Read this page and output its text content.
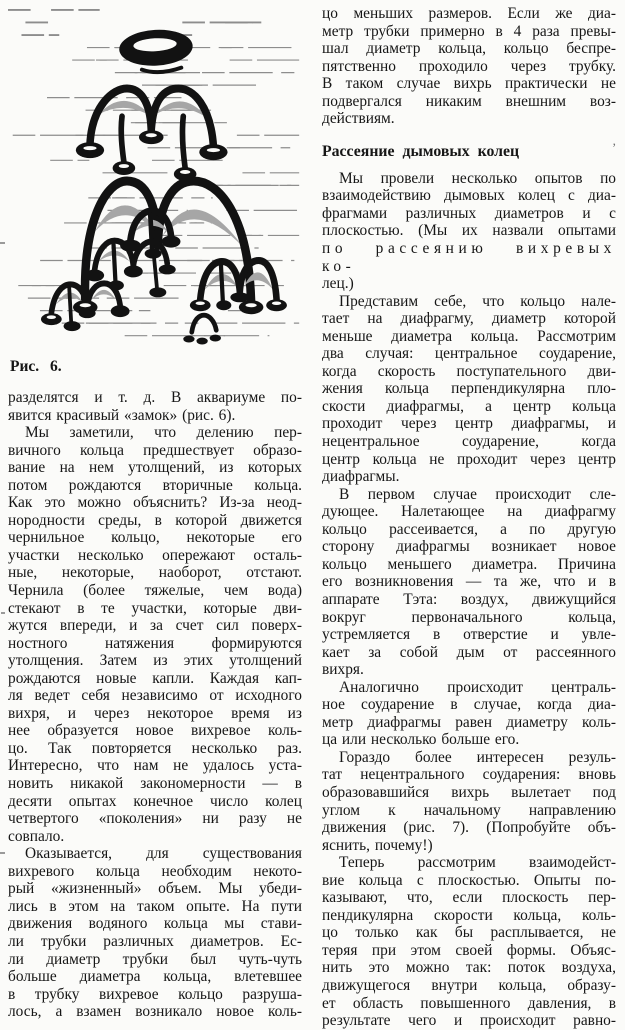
Рис. 6.
разделятся и т. д. В аквариуме по-
явится красивый «замок» (рис. 6).
Мы заметили, что делению пер-
вичного кольца предшествует образо-
вание на нем утолщений, из которых
потом рождаются вторичные кольца.
Как это можно объяснить? Из-за неод-
нородности среды, в которой движется
чернильное кольцо, некоторые его
участки несколько опережают осталь-
ные, некоторые, наоборот, отстают.
Чернила (более тяжелые, чем вода)
стекают в те участки, которые дви-
жутся впереди, и за счет сил поверх-
ностного натяжения формируются
утолщения. Затем из этих утолщений
рождаются новые капли. Каждая кап-
ля ведет себя независимо от исходного
вихря, и через некоторое время из
нее образуется новое вихревое коль-
цо. Так повторяется несколько раз.
Интересно, что нам не удалось уста-
новить никакой закономерности — в
десяти опытах конечное число колец
четвертого «поколения» ни разу не
совпало.
Оказывается, для существования
вихревого кольца необходим некото-
рый «жизненный» объем. Мы убеди-
лись в этом на таком опыте. На пути
движения водяного кольца мы стави-
ли трубки различных диаметров. Ес-
ли диаметр трубки был чуть-чуть
больше диаметра кольца, влетевшее
в трубку вихревое кольцо разруша-
лось, а взамен возникало новое коль-
цо меньших размеров. Если же диа-
метр трубки примерно в 4 раза превы-
шал диаметр кольца, кольцо беспре-
пятственно проходило через трубку.
В таком случае вихрь практически не
подвергался никаким внешним воз-
действиям.
Рассеяние дымовых колец
Мы провели несколько опытов по
взаимодействию дымовых колец с диа-
фрагмами различных диаметров и с
плоскостью. (Мы их назвали опытами
по рассеянию вихревых ко-
лец.)
Представим себе, что кольцо нале-
тает на диафрагму, диаметр которой
меньше диаметра кольца. Рассмотрим
два случая: центральное соударение,
когда скорость поступательного дви-
жения кольца перпендикулярна пло-
скости диафрагмы, а центр кольца
проходит через центр диафрагмы, и
нецентральное соударение, когда
центр кольца не проходит через центр
диафрагмы.
В первом случае происходит сле-
дующее. Налетающее на диафрагму
кольцо рассеивается, а по другую
сторону диафрагмы возникает новое
кольцо меньшего диаметра. Причина
его возникновения — та же, что и в
аппарате Тэта: воздух, движущийся
вокруг первоначального кольца,
устремляется в отверстие и увле-
кает за собой дым от рассеянного
вихря.
Аналогично происходит централь-
ное соударение в случае, когда диа-
метр диафрагмы равен диаметру коль-
ца или несколько больше его.
Гораздо более интересен резуль-
тат нецентрального соударения: вновь
образовавшийся вихрь вылетает под
углом к начальному направлению
движения (рис. 7). (Попробуйте объ-
яснить, почему!)
Теперь рассмотрим взаимодейст-
вие кольца с плоскостью. Опыты по-
казывают, что, если плоскость пер-
пендикулярна скорости кольца, коль-
цо только как бы расплывается, не
теряя при этом своей формы. Объяс-
нить это можно так: поток воздуха,
движущегося внутри кольца, образу-
ет область повышенного давления, в
результате чего и происходит равно-
’
